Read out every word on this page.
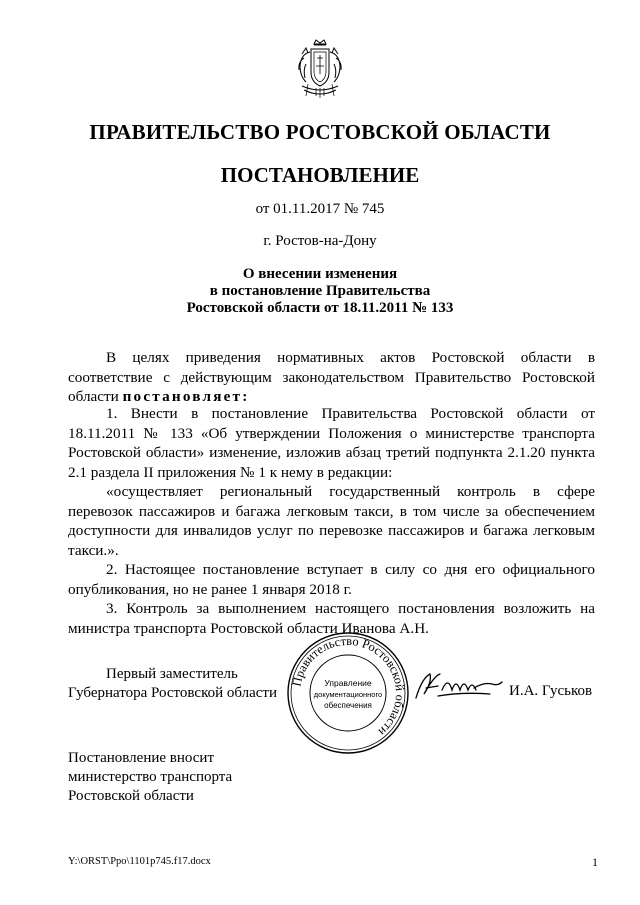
ПРАВИТЕЛЬСТВО РОСТОВСКОЙ ОБЛАСТИ
ПОСТАНОВЛЕНИЕ
от 01.11.2017 № 745
г. Ростов-на-Дону
О внесении изменения
в постановление Правительства
Ростовской области от 18.11.2011 № 133

В целях приведения нормативных актов Ростовской области в соответствие с действующим законодательством Правительство Ростовской области постановляет:

1. Внести в постановление Правительства Ростовской области от 18.11.2011 № 133 «Об утверждении Положения о министерстве транспорта Ростовской области» изменение, изложив абзац третий подпункта 2.1.20 пункта 2.1 раздела II приложения № 1 к нему в редакции:

«осуществляет региональный государственный контроль в сфере перевозок пассажиров и багажа легковым такси, в том числе за обеспечением доступности для инвалидов услуг по перевозке пассажиров и багажа легковым такси.».

2. Настоящее постановление вступает в силу со дня его официального опубликования, но не ранее 1 января 2018 г.

3. Контроль за выполнением настоящего постановления возложить на министра транспорта Ростовской области Иванова А.Н.

Первый заместитель
Губернатора Ростовской области
Правительство Ростовской области
Управление
документационного
обеспечения
И.А. Гуськов
Постановление вносит
министерство транспорта
Ростовской области
Y:\ORST\Ppo\1101p745.f17.docx	1
